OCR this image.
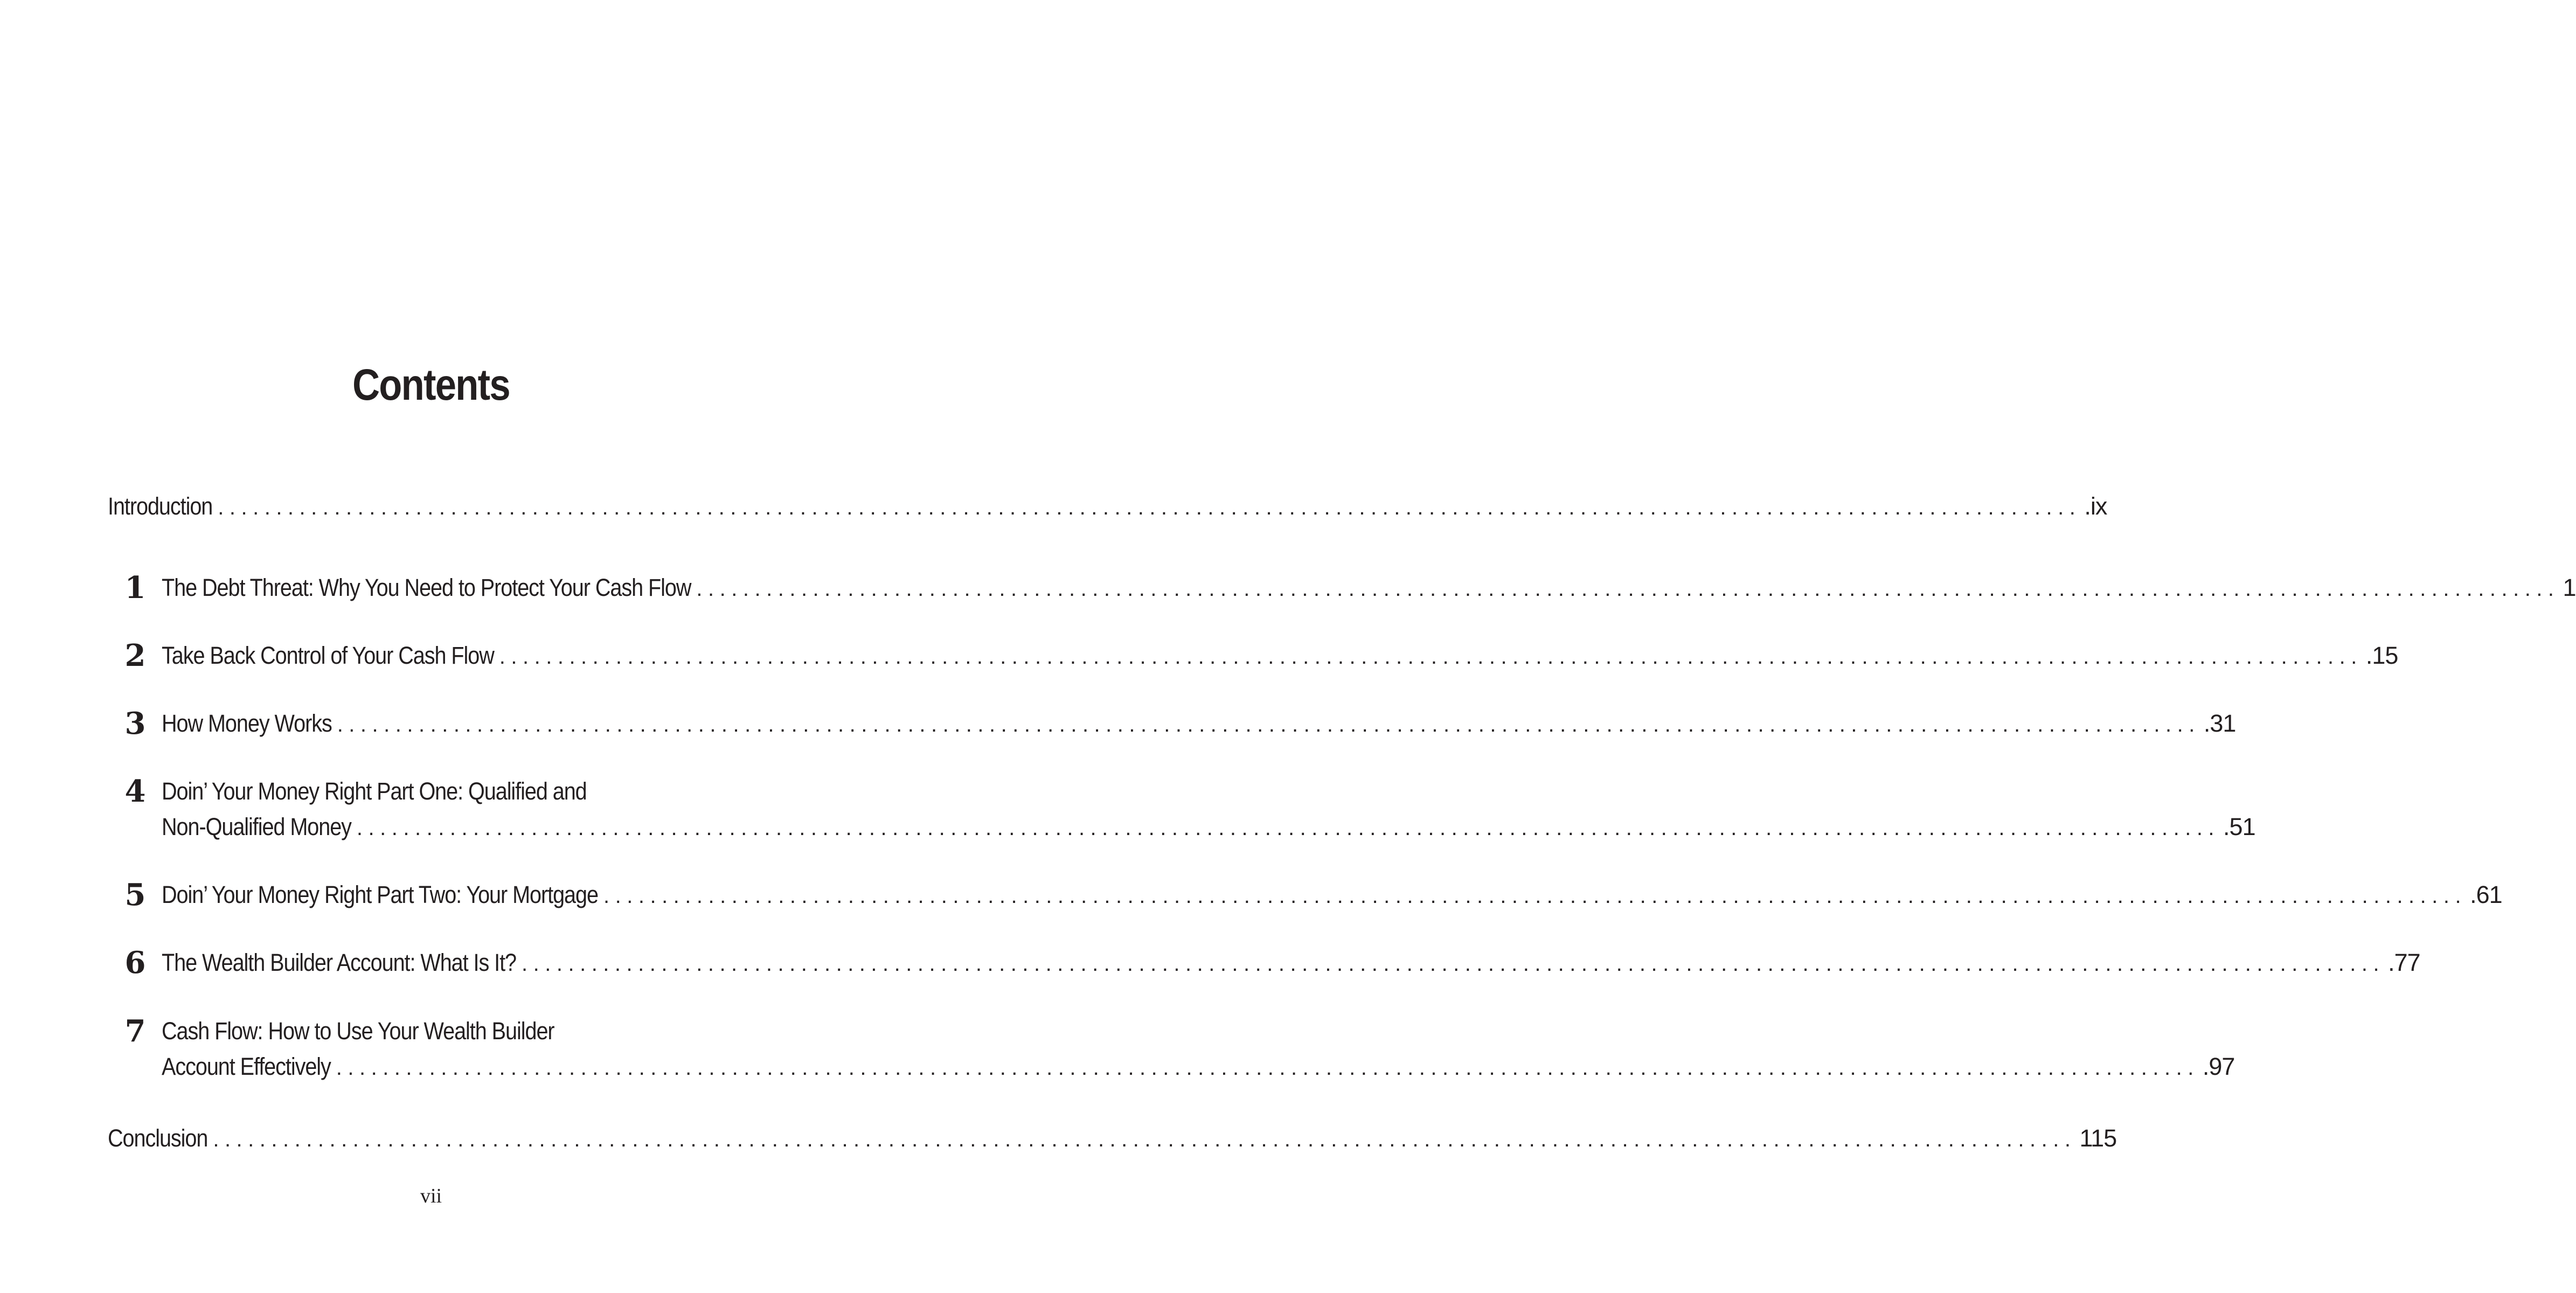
Contents
Introduction ................................................................................................................................................................ .ix
1 The Debt Threat: Why You Need to Protect Your Cash Flow ................................................................................................................................................................ 1
2 Take Back Control of Your Cash Flow ................................................................................................................................................................ .15
3 How Money Works ................................................................................................................................................................ .31
4 Doin’ Your Money Right Part One: Qualified and
Non-Qualified Money ................................................................................................................................................................ .51
5 Doin’ Your Money Right Part Two: Your Mortgage ................................................................................................................................................................ .61
6 The Wealth Builder Account: What Is It? ................................................................................................................................................................ .77
7 Cash Flow: How to Use Your Wealth Builder
Account Effectively ................................................................................................................................................................ .97
Conclusion ................................................................................................................................................................ 115
vii
